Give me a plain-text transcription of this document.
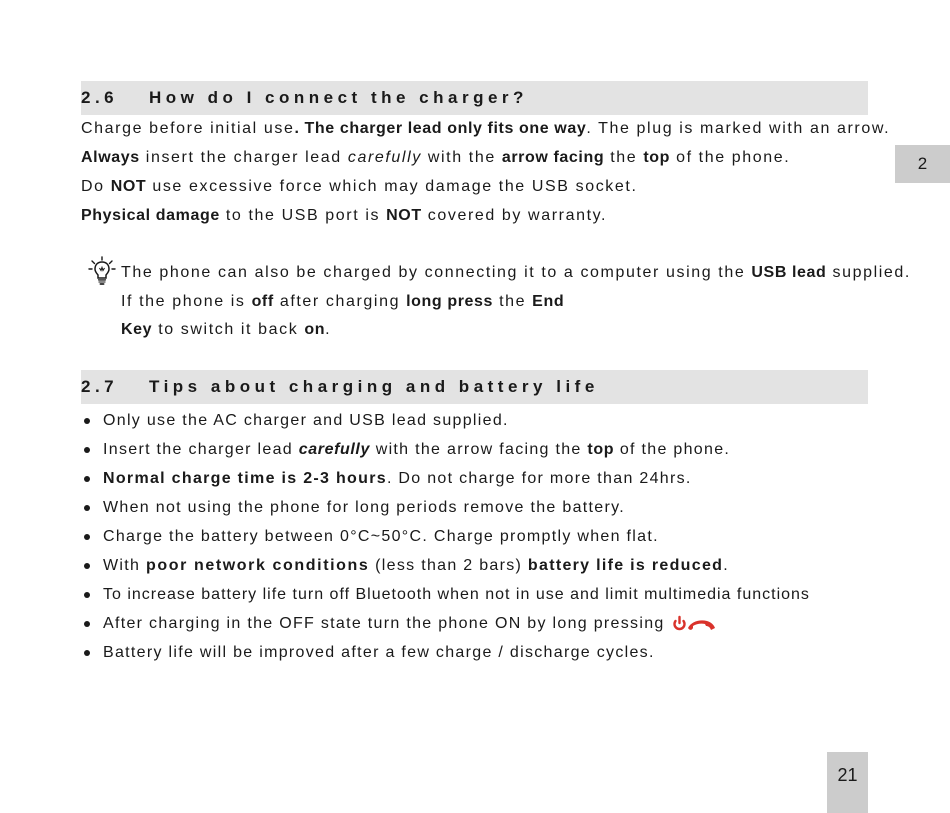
2.6	How do I connect the charger?
Charge before initial use. The charger lead only fits one way. The plug is marked with an arrow.
Always insert the charger lead carefully with the arrow facing the top of the phone.
Do NOT use excessive force which may damage the USB socket.
Physical damage to the USB port is NOT covered by warranty.
The phone can also be charged by connecting it to a computer using the USB lead supplied.
If the phone is off after charging long press the End
Key to switch it back on.
2.7	Tips about charging and battery life
Only use the AC charger and USB lead supplied.
Insert the charger lead carefully with the arrow facing the top of the phone.
Normal charge time is 2-3 hours. Do not charge for more than 24hrs.
When not using the phone for long periods remove the battery.
Charge the battery between 0°C~50°C. Charge promptly when flat.
With poor network conditions (less than 2 bars) battery life is reduced.
To increase battery life turn off Bluetooth when not in use and limit multimedia functions
After charging in the OFF state turn the phone ON by long pressing
Battery life will be improved after a few charge / discharge cycles.
2
21
